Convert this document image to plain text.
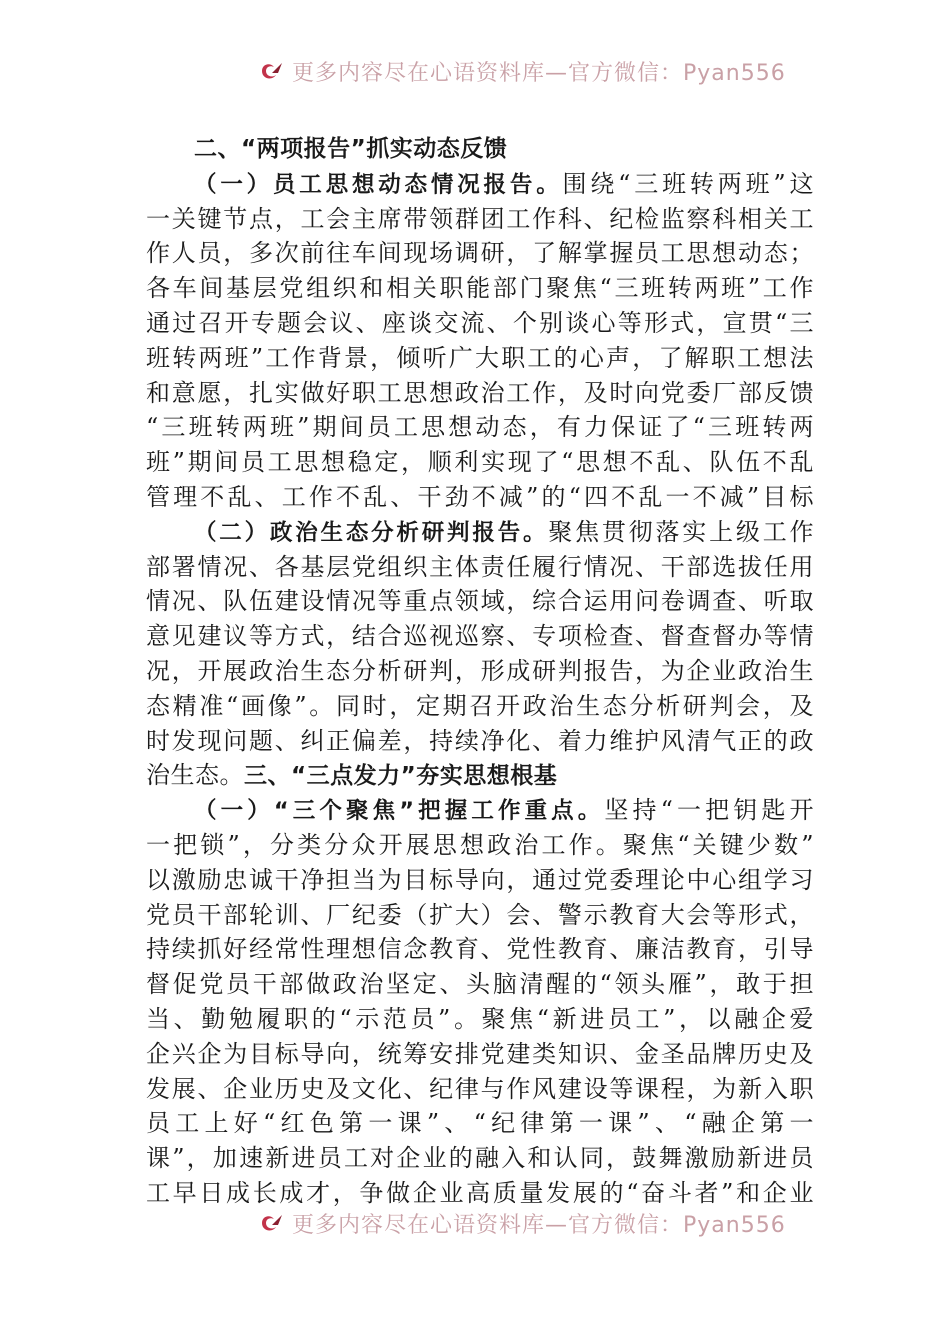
更多内容尽在心语资料库—官方微信：Pyan556
二、“两项报告”抓实动态反馈
（一）员工思想动态情况报告。围绕“三班转两班”这
一关键节点，工会主席带领群团工作科、纪检监察科相关工
作人员，多次前往车间现场调研，了解掌握员工思想动态；
各车间基层党组织和相关职能部门聚焦“三班转两班”工作
通过召开专题会议、座谈交流、个别谈心等形式，宣贯“三
班转两班”工作背景，倾听广大职工的心声，了解职工想法
和意愿，扎实做好职工思想政治工作，及时向党委厂部反馈
“三班转两班”期间员工思想动态，有力保证了“三班转两
班”期间员工思想稳定，顺利实现了“思想不乱、队伍不乱
管理不乱、工作不乱、干劲不减”的“四不乱一不减”目标
（二）政治生态分析研判报告。聚焦贯彻落实上级工作
部署情况、各基层党组织主体责任履行情况、干部选拔任用
情况、队伍建设情况等重点领域，综合运用问卷调查、听取
意见建议等方式，结合巡视巡察、专项检查、督查督办等情
况，开展政治生态分析研判，形成研判报告，为企业政治生
态精准“画像”。同时，定期召开政治生态分析研判会，及
时发现问题、纠正偏差，持续净化、着力维护风清气正的政
治生态。三、“三点发力”夯实思想根基
（一）“三个聚焦”把握工作重点。坚持“一把钥匙开
一把锁”，分类分众开展思想政治工作。聚焦“关键少数”
以激励忠诚干净担当为目标导向，通过党委理论中心组学习
党员干部轮训、厂纪委（扩大）会、警示教育大会等形式，
持续抓好经常性理想信念教育、党性教育、廉洁教育，引导
督促党员干部做政治坚定、头脑清醒的“领头雁”，敢于担
当、勤勉履职的“示范员”。聚焦“新进员工”，以融企爱
企兴企为目标导向，统筹安排党建类知识、金圣品牌历史及
发展、企业历史及文化、纪律与作风建设等课程，为新入职
员工上好“红色第一课”、“纪律第一课”、“融企第一
课”，加速新进员工对企业的融入和认同，鼓舞激励新进员
工早日成长成才，争做企业高质量发展的“奋斗者”和企业
更多内容尽在心语资料库—官方微信：Pyan556
